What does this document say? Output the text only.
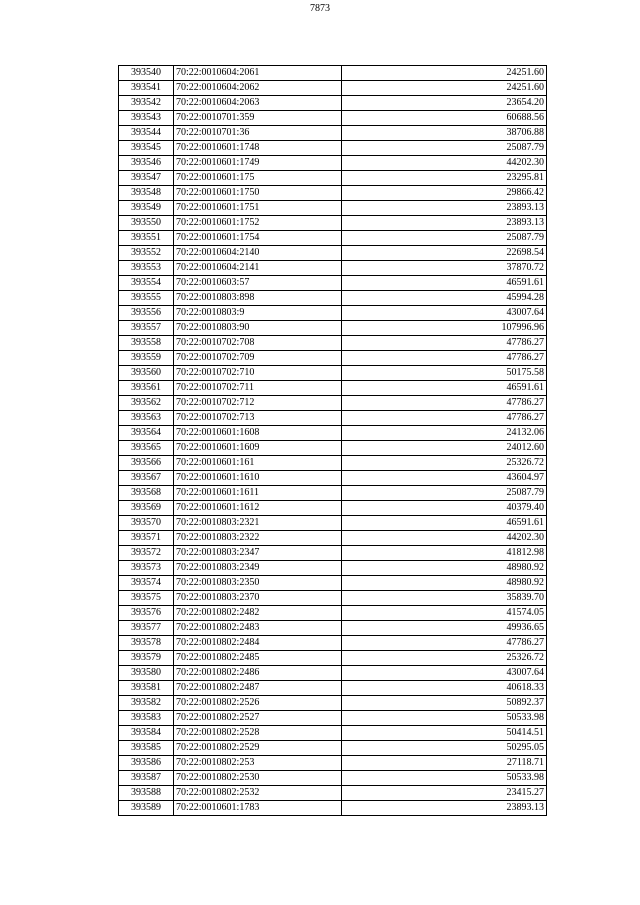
7873
393540	70:22:0010604:2061	24251.60
393541	70:22:0010604:2062	24251.60
393542	70:22:0010604:2063	23654.20
393543	70:22:0010701:359	60688.56
393544	70:22:0010701:36	38706.88
393545	70:22:0010601:1748	25087.79
393546	70:22:0010601:1749	44202.30
393547	70:22:0010601:175	23295.81
393548	70:22:0010601:1750	29866.42
393549	70:22:0010601:1751	23893.13
393550	70:22:0010601:1752	23893.13
393551	70:22:0010601:1754	25087.79
393552	70:22:0010604:2140	22698.54
393553	70:22:0010604:2141	37870.72
393554	70:22:0010603:57	46591.61
393555	70:22:0010803:898	45994.28
393556	70:22:0010803:9	43007.64
393557	70:22:0010803:90	107996.96
393558	70:22:0010702:708	47786.27
393559	70:22:0010702:709	47786.27
393560	70:22:0010702:710	50175.58
393561	70:22:0010702:711	46591.61
393562	70:22:0010702:712	47786.27
393563	70:22:0010702:713	47786.27
393564	70:22:0010601:1608	24132.06
393565	70:22:0010601:1609	24012.60
393566	70:22:0010601:161	25326.72
393567	70:22:0010601:1610	43604.97
393568	70:22:0010601:1611	25087.79
393569	70:22:0010601:1612	40379.40
393570	70:22:0010803:2321	46591.61
393571	70:22:0010803:2322	44202.30
393572	70:22:0010803:2347	41812.98
393573	70:22:0010803:2349	48980.92
393574	70:22:0010803:2350	48980.92
393575	70:22:0010803:2370	35839.70
393576	70:22:0010802:2482	41574.05
393577	70:22:0010802:2483	49936.65
393578	70:22:0010802:2484	47786.27
393579	70:22:0010802:2485	25326.72
393580	70:22:0010802:2486	43007.64
393581	70:22:0010802:2487	40618.33
393582	70:22:0010802:2526	50892.37
393583	70:22:0010802:2527	50533.98
393584	70:22:0010802:2528	50414.51
393585	70:22:0010802:2529	50295.05
393586	70:22:0010802:253	27118.71
393587	70:22:0010802:2530	50533.98
393588	70:22:0010802:2532	23415.27
393589	70:22:0010601:1783	23893.13
